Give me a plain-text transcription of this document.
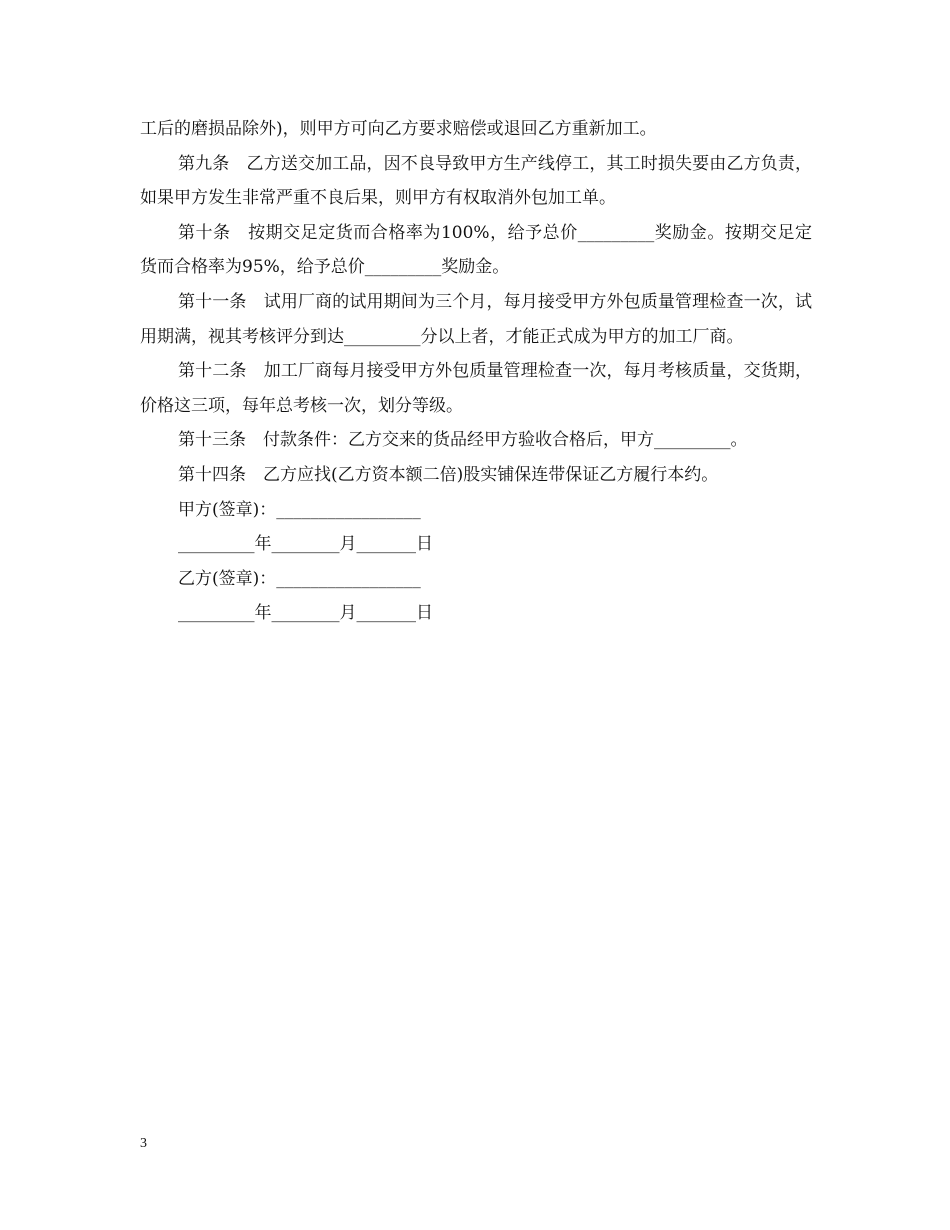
工后的磨损品除外)，则甲方可向乙方要求赔偿或退回乙方重新加工。

第九条　乙方送交加工品，因不良导致甲方生产线停工，其工时损失要由乙方负责，如果甲方发生非常严重不良后果，则甲方有权取消外包加工单。

第十条　按期交足定货而合格率为100%，给予总价_________奖励金。按期交足定货而合格率为95%，给予总价_________奖励金。

第十一条　试用厂商的试用期间为三个月，每月接受甲方外包质量管理检查一次，试用期满，视其考核评分到达_________分以上者，才能正式成为甲方的加工厂商。

第十二条　加工厂商每月接受甲方外包质量管理检查一次，每月考核质量，交货期，价格这三项，每年总考核一次，划分等级。

第十三条　付款条件：乙方交来的货品经甲方验收合格后，甲方_________。

第十四条　乙方应找(乙方资本额二倍)股实铺保连带保证乙方履行本约。

甲方(签章)：_________________

_________年________月_______日

乙方(签章)：_________________

_________年________月_______日

3
